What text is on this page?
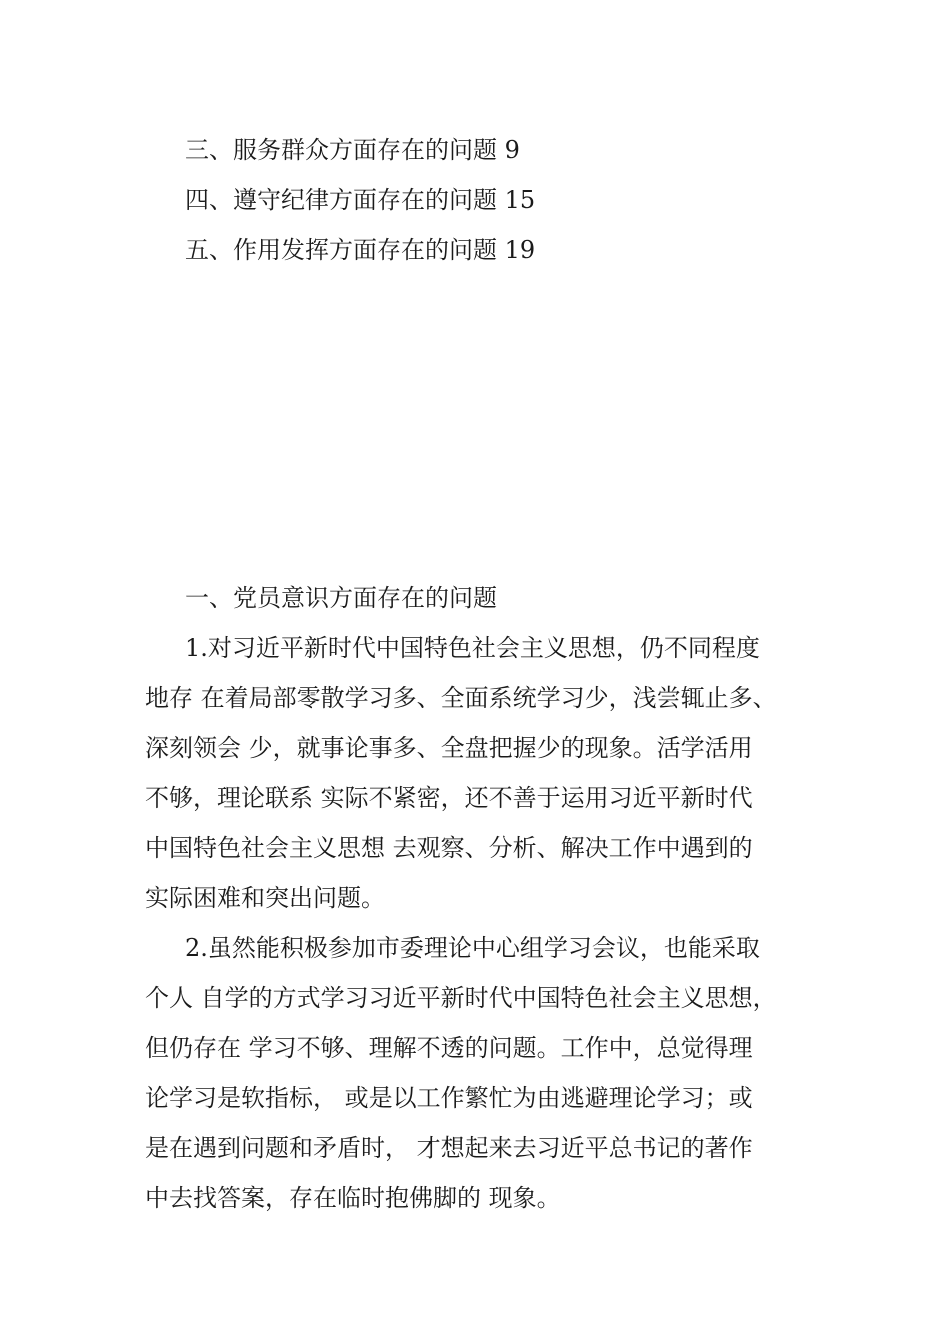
三、服务群众方面存在的问题 9
四、遵守纪律方面存在的问题 15
五、作用发挥方面存在的问题 19
一、党员意识方面存在的问题
1.对习近平新时代中国特色社会主义思想，仍不同程度
地存 在着局部零散学习多、全面系统学习少，浅尝辄止多、
深刻领会 少，就事论事多、全盘把握少的现象。活学活用
不够，理论联系 实际不紧密，还不善于运用习近平新时代
中国特色社会主义思想 去观察、分析、解决工作中遇到的
实际困难和突出问题。
2.虽然能积极参加市委理论中心组学习会议，也能采取
个人 自学的方式学习习近平新时代中国特色社会主义思想，
但仍存在 学习不够、理解不透的问题。工作中，总觉得理
论学习是软指标， 或是以工作繁忙为由逃避理论学习；或
是在遇到问题和矛盾时， 才想起来去习近平总书记的著作
中去找答案，存在临时抱佛脚的 现象。
